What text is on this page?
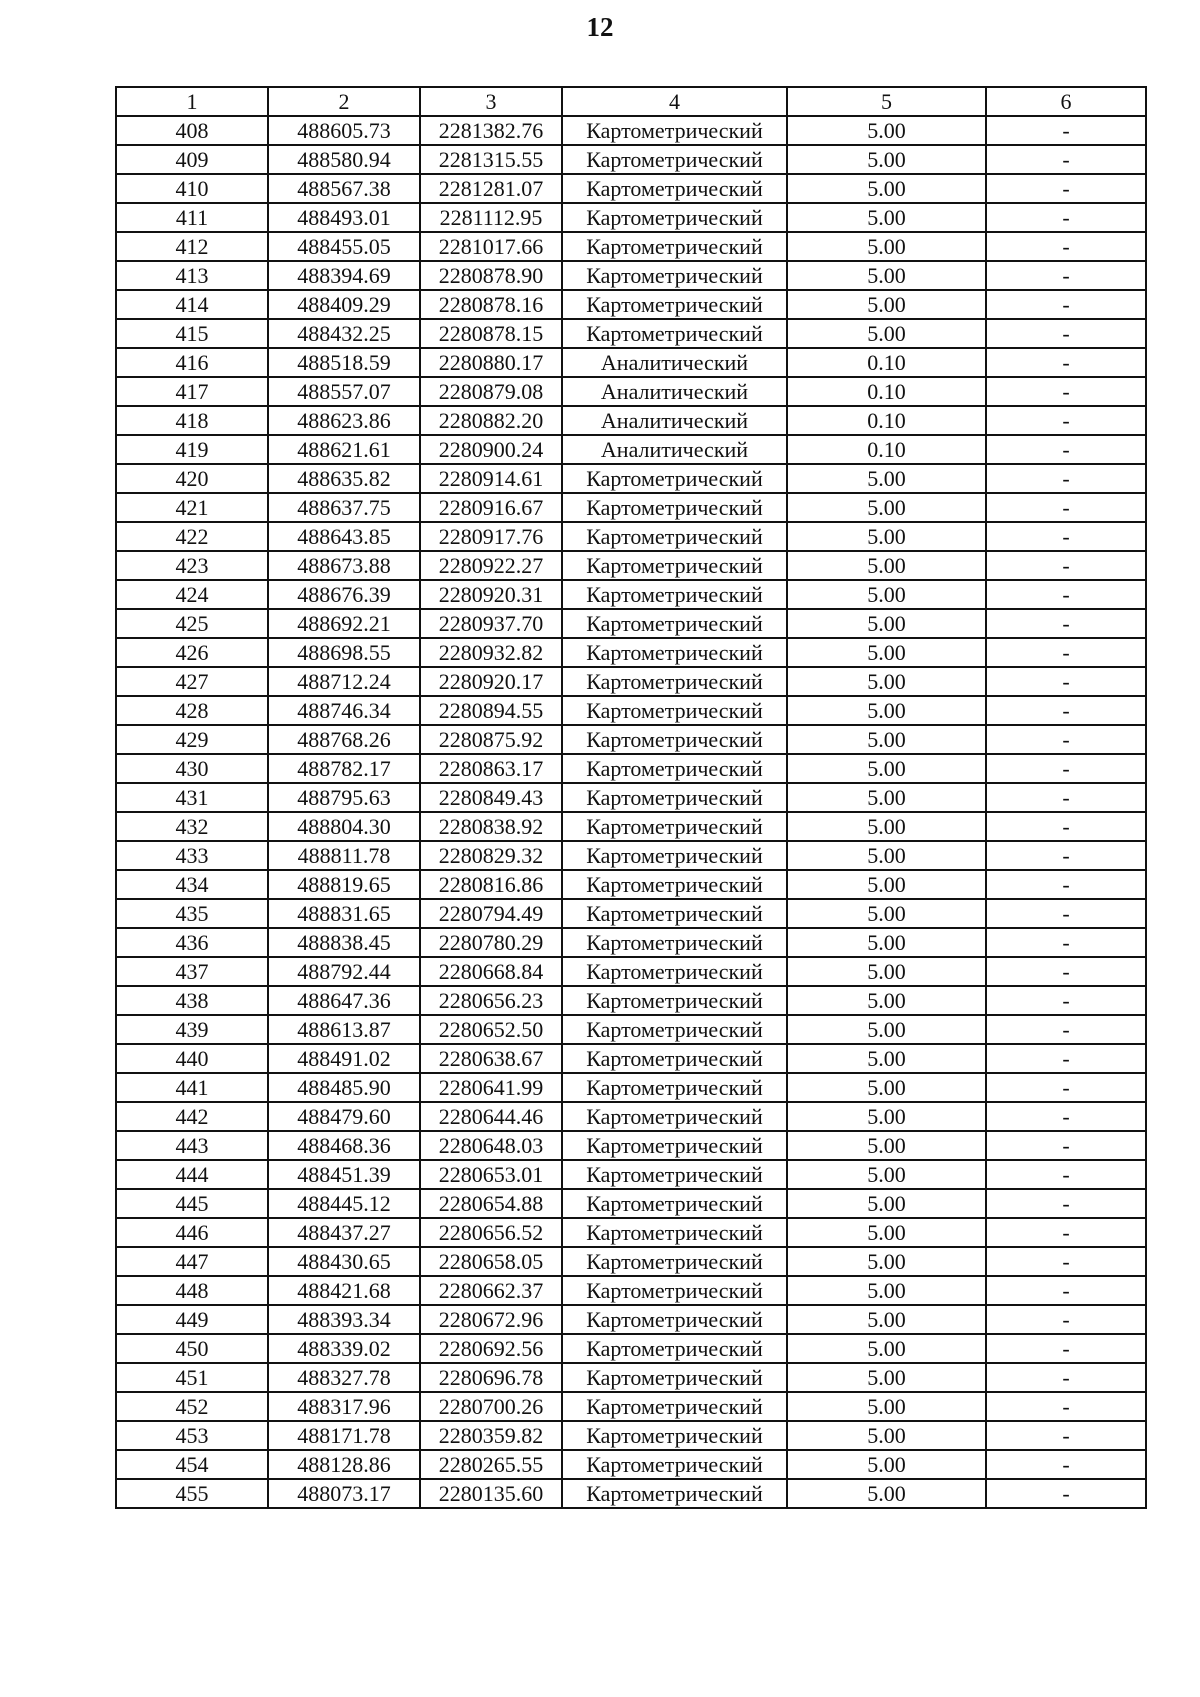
12
1	2	3	4	5	6
408	488605.73	2281382.76	Картометрический	5.00	-
409	488580.94	2281315.55	Картометрический	5.00	-
410	488567.38	2281281.07	Картометрический	5.00	-
411	488493.01	2281112.95	Картометрический	5.00	-
412	488455.05	2281017.66	Картометрический	5.00	-
413	488394.69	2280878.90	Картометрический	5.00	-
414	488409.29	2280878.16	Картометрический	5.00	-
415	488432.25	2280878.15	Картометрический	5.00	-
416	488518.59	2280880.17	Аналитический	0.10	-
417	488557.07	2280879.08	Аналитический	0.10	-
418	488623.86	2280882.20	Аналитический	0.10	-
419	488621.61	2280900.24	Аналитический	0.10	-
420	488635.82	2280914.61	Картометрический	5.00	-
421	488637.75	2280916.67	Картометрический	5.00	-
422	488643.85	2280917.76	Картометрический	5.00	-
423	488673.88	2280922.27	Картометрический	5.00	-
424	488676.39	2280920.31	Картометрический	5.00	-
425	488692.21	2280937.70	Картометрический	5.00	-
426	488698.55	2280932.82	Картометрический	5.00	-
427	488712.24	2280920.17	Картометрический	5.00	-
428	488746.34	2280894.55	Картометрический	5.00	-
429	488768.26	2280875.92	Картометрический	5.00	-
430	488782.17	2280863.17	Картометрический	5.00	-
431	488795.63	2280849.43	Картометрический	5.00	-
432	488804.30	2280838.92	Картометрический	5.00	-
433	488811.78	2280829.32	Картометрический	5.00	-
434	488819.65	2280816.86	Картометрический	5.00	-
435	488831.65	2280794.49	Картометрический	5.00	-
436	488838.45	2280780.29	Картометрический	5.00	-
437	488792.44	2280668.84	Картометрический	5.00	-
438	488647.36	2280656.23	Картометрический	5.00	-
439	488613.87	2280652.50	Картометрический	5.00	-
440	488491.02	2280638.67	Картометрический	5.00	-
441	488485.90	2280641.99	Картометрический	5.00	-
442	488479.60	2280644.46	Картометрический	5.00	-
443	488468.36	2280648.03	Картометрический	5.00	-
444	488451.39	2280653.01	Картометрический	5.00	-
445	488445.12	2280654.88	Картометрический	5.00	-
446	488437.27	2280656.52	Картометрический	5.00	-
447	488430.65	2280658.05	Картометрический	5.00	-
448	488421.68	2280662.37	Картометрический	5.00	-
449	488393.34	2280672.96	Картометрический	5.00	-
450	488339.02	2280692.56	Картометрический	5.00	-
451	488327.78	2280696.78	Картометрический	5.00	-
452	488317.96	2280700.26	Картометрический	5.00	-
453	488171.78	2280359.82	Картометрический	5.00	-
454	488128.86	2280265.55	Картометрический	5.00	-
455	488073.17	2280135.60	Картометрический	5.00	-
